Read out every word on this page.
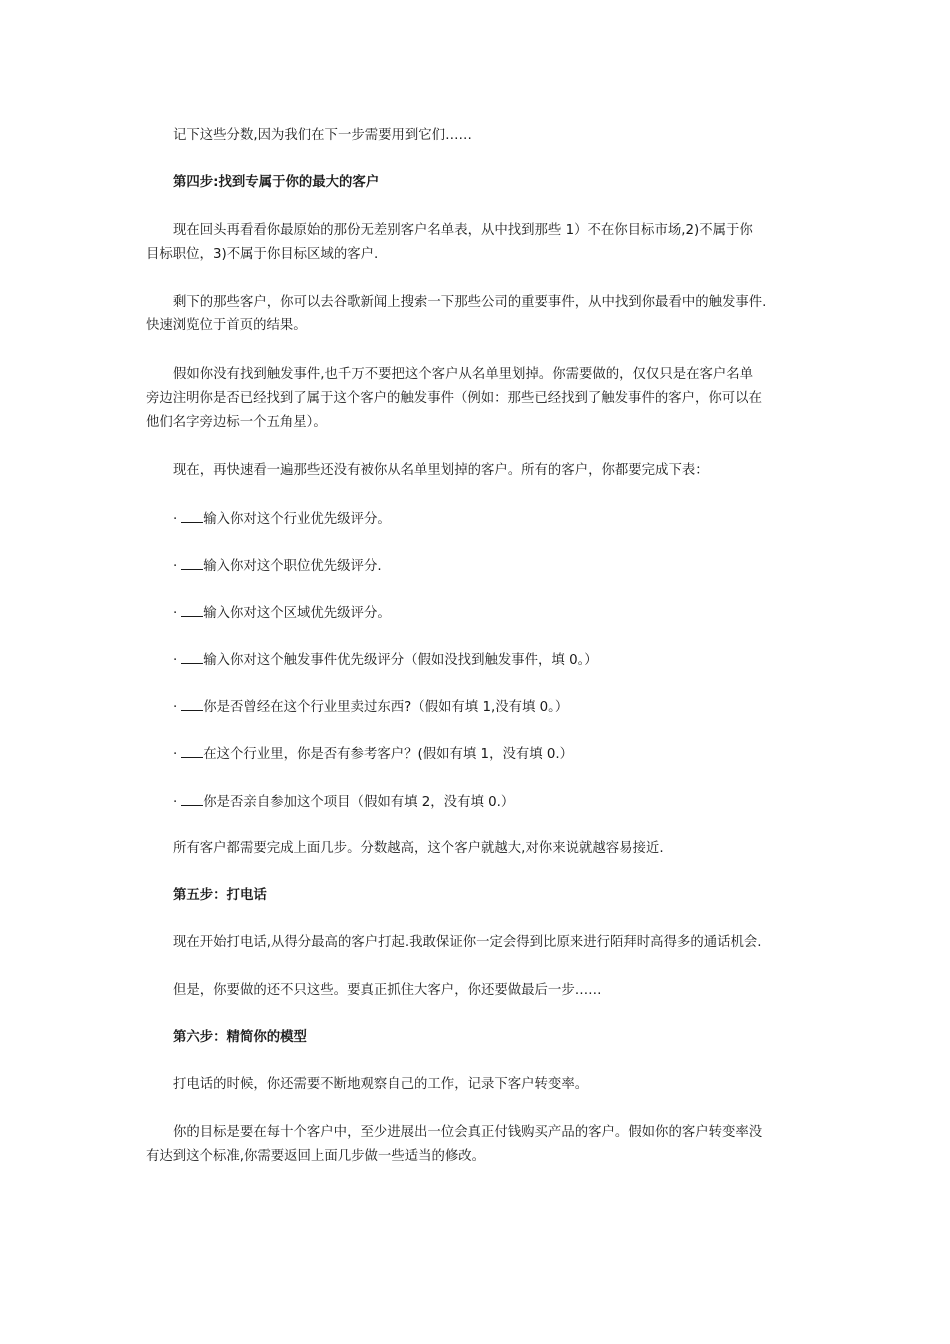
记下这些分数,因为我们在下一步需要用到它们……
第四步:找到专属于你的最大的客户
现在回头再看看你最原始的那份无差别客户名单表，从中找到那些 1）不在你目标市场,2)不属于你
目标职位，3)不属于你目标区域的客户.
剩下的那些客户，你可以去谷歌新闻上搜索一下那些公司的重要事件，从中找到你最看中的触发事件.
快速浏览位于首页的结果。
假如你没有找到触发事件,也千万不要把这个客户从名单里划掉。你需要做的，仅仅只是在客户名单
旁边注明你是否已经找到了属于这个客户的触发事件（例如：那些已经找到了触发事件的客户，你可以在
他们名字旁边标一个五角星）。
现在，再快速看一遍那些还没有被你从名单里划掉的客户。所有的客户，你都要完成下表：
· 输入你对这个行业优先级评分。
· 输入你对这个职位优先级评分.
· 输入你对这个区域优先级评分。
· 输入你对这个触发事件优先级评分（假如没找到触发事件，填 0。）
· 你是否曾经在这个行业里卖过东西?（假如有填 1,没有填 0。）
· 在这个行业里，你是否有参考客户？(假如有填 1，没有填 0.）
· 你是否亲自参加这个项目（假如有填 2，没有填 0.）
所有客户都需要完成上面几步。分数越高，这个客户就越大,对你来说就越容易接近.
第五步：打电话
现在开始打电话,从得分最高的客户打起.我敢保证你一定会得到比原来进行陌拜时高得多的通话机会.
但是，你要做的还不只这些。要真正抓住大客户，你还要做最后一步……
第六步：精简你的模型
打电话的时候，你还需要不断地观察自己的工作，记录下客户转变率。
你的目标是要在每十个客户中，至少进展出一位会真正付钱购买产品的客户。假如你的客户转变率没
有达到这个标准,你需要返回上面几步做一些适当的修改。
